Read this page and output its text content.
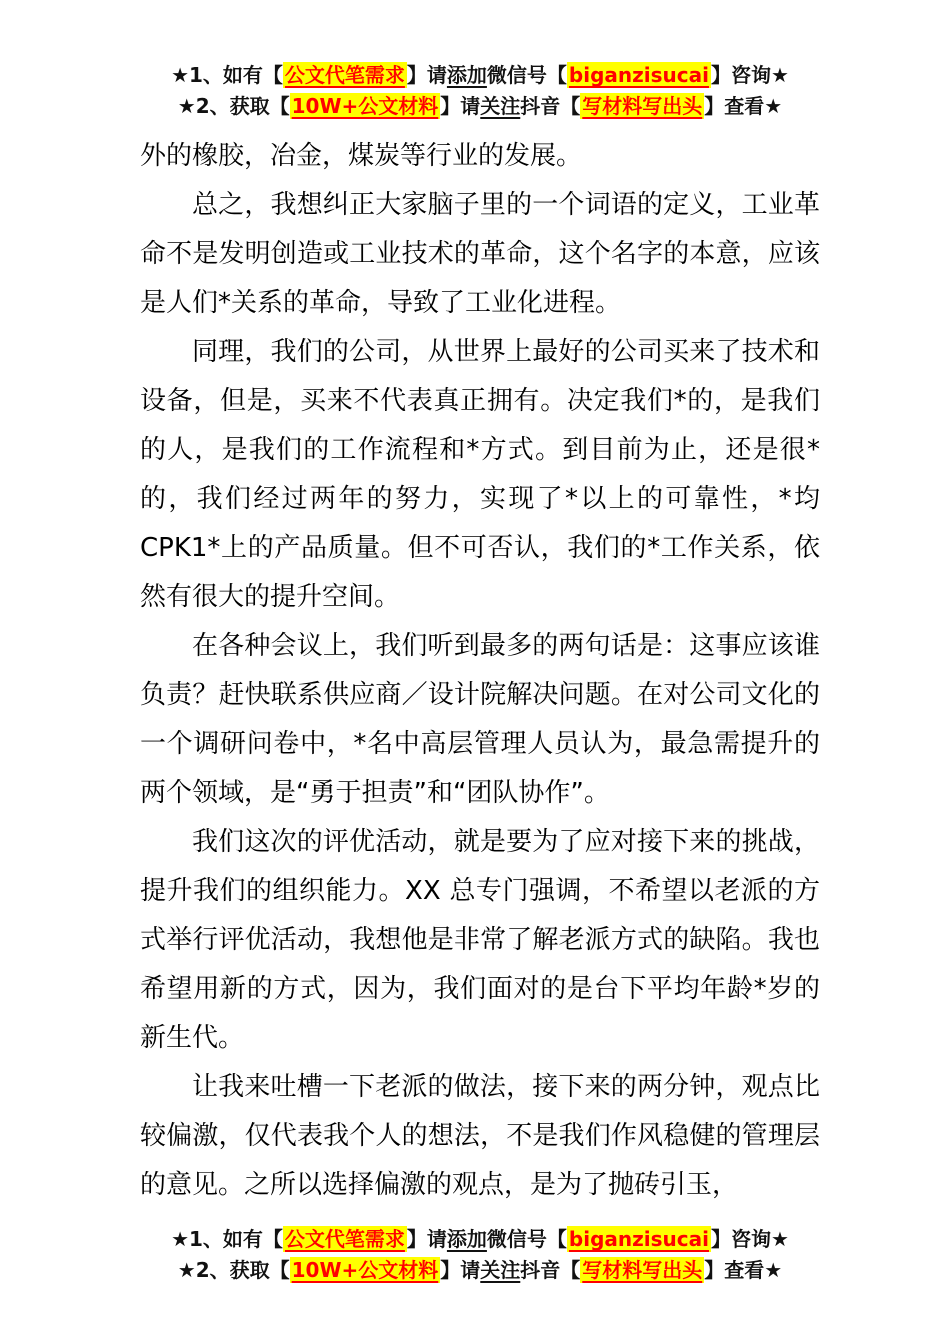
★1、如有【 公文代笔需求 】请添加微信号【 biganzisucai 】咨询★
★2、获取【 10W+公文材料 】请关注抖音【 写材料写出头 】查看★

外的橡胶，冶金，煤炭等行业的发展。

总之，我想纠正大家脑子里的一个词语的定义，工业革命不是发明创造或工业技术的革命，这个名字的本意，应该是人们*关系的革命，导致了工业化进程。

同理，我们的公司，从世界上最好的公司买来了技术和设备，但是，买来不代表真正拥有。决定我们*的，是我们的人，是我们的工作流程和*方式。到目前为止，还是很*的，我们经过两年的努力，实现了*以上的可靠性，*均CPK1*上的产品质量。但不可否认，我们的*工作关系，依然有很大的提升空间。

在各种会议上，我们听到最多的两句话是：这事应该谁负责？赶快联系供应商／设计院解决问题。在对公司文化的一个调研问卷中，*名中高层管理人员认为，最急需提升的两个领域，是“勇于担责”和“团队协作”。

我们这次的评优活动，就是要为了应对接下来的挑战，提升我们的组织能力。XX 总专门强调，不希望以老派的方式举行评优活动，我想他是非常了解老派方式的缺陷。我也希望用新的方式，因为，我们面对的是台下平均年龄*岁的新生代。

让我来吐槽一下老派的做法，接下来的两分钟，观点比较偏激，仅代表我个人的想法，不是我们作风稳健的管理层的意见。之所以选择偏激的观点，是为了抛砖引玉，

★1、如有【 公文代笔需求 】请添加微信号【 biganzisucai 】咨询★
★2、获取【 10W+公文材料 】请关注抖音【 写材料写出头 】查看★
